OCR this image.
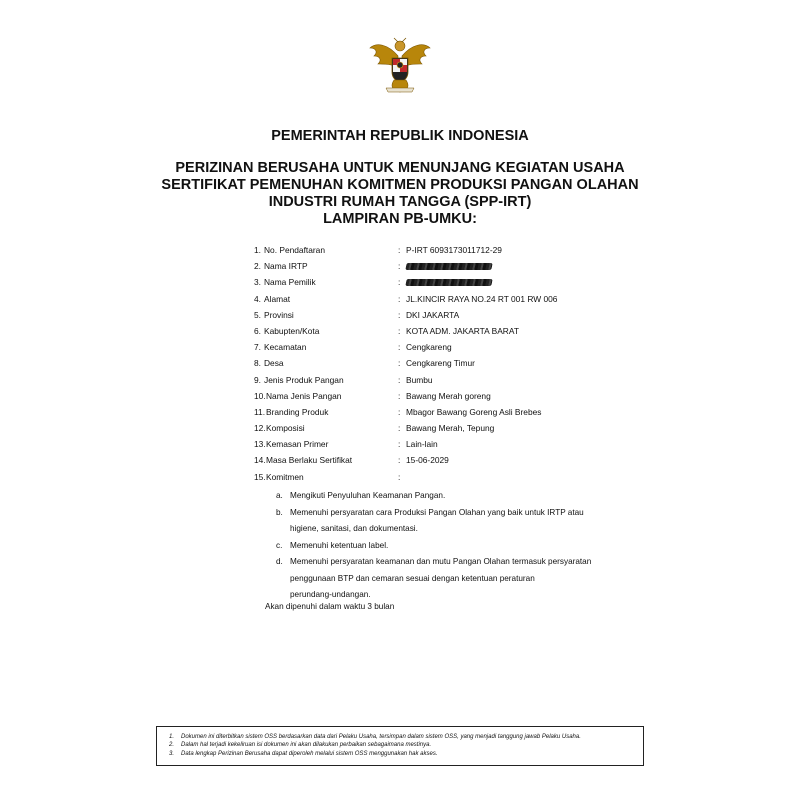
PEMERINTAH REPUBLIK INDONESIA
PERIZINAN BERUSAHA UNTUK MENUNJANG KEGIATAN USAHA
SERTIFIKAT PEMENUHAN KOMITMEN PRODUKSI PANGAN OLAHAN
INDUSTRI RUMAH TANGGA (SPP-IRT)
LAMPIRAN PB-UMKU:
1. No. Pendaftaran	: P-IRT 6093173011712-29
2. Nama IRTP	:
3. Nama Pemilik	:
4. Alamat	: JL.KINCIR RAYA NO.24 RT 001 RW 006
5. Provinsi	: DKI JAKARTA
6. Kabupten/Kota	: KOTA ADM. JAKARTA BARAT
7. Kecamatan	: Cengkareng
8. Desa	: Cengkareng Timur
9. Jenis Produk Pangan	: Bumbu
10. Nama Jenis Pangan	: Bawang Merah goreng
11. Branding Produk	: Mbagor Bawang Goreng Asli Brebes
12. Komposisi	: Bawang Merah, Tepung
13. Kemasan Primer	: Lain-lain
14. Masa Berlaku Sertifikat	: 15-06-2029
15. Komitmen	:
a. Mengikuti Penyuluhan Keamanan Pangan.
b. Memenuhi persyaratan cara Produksi Pangan Olahan yang baik untuk IRTP atau
higiene, sanitasi, dan dokumentasi.
c. Memenuhi ketentuan label.
d. Memenuhi persyaratan keamanan dan mutu Pangan Olahan termasuk persyaratan
penggunaan BTP dan cemaran sesuai dengan ketentuan peraturan
perundang-undangan.
Akan dipenuhi dalam waktu 3 bulan
1. Dokumen ini diterbitkan sistem OSS berdasarkan data dari Pelaku Usaha, tersimpan dalam sistem OSS, yang menjadi tanggung jawab Pelaku Usaha.
2. Dalam hal terjadi kekeliruan isi dokumen ini akan dilakukan perbaikan sebagaimana mestinya.
3. Data lengkap Perizinan Berusaha dapat diperoleh melalui sistem OSS menggunakan hak akses.
